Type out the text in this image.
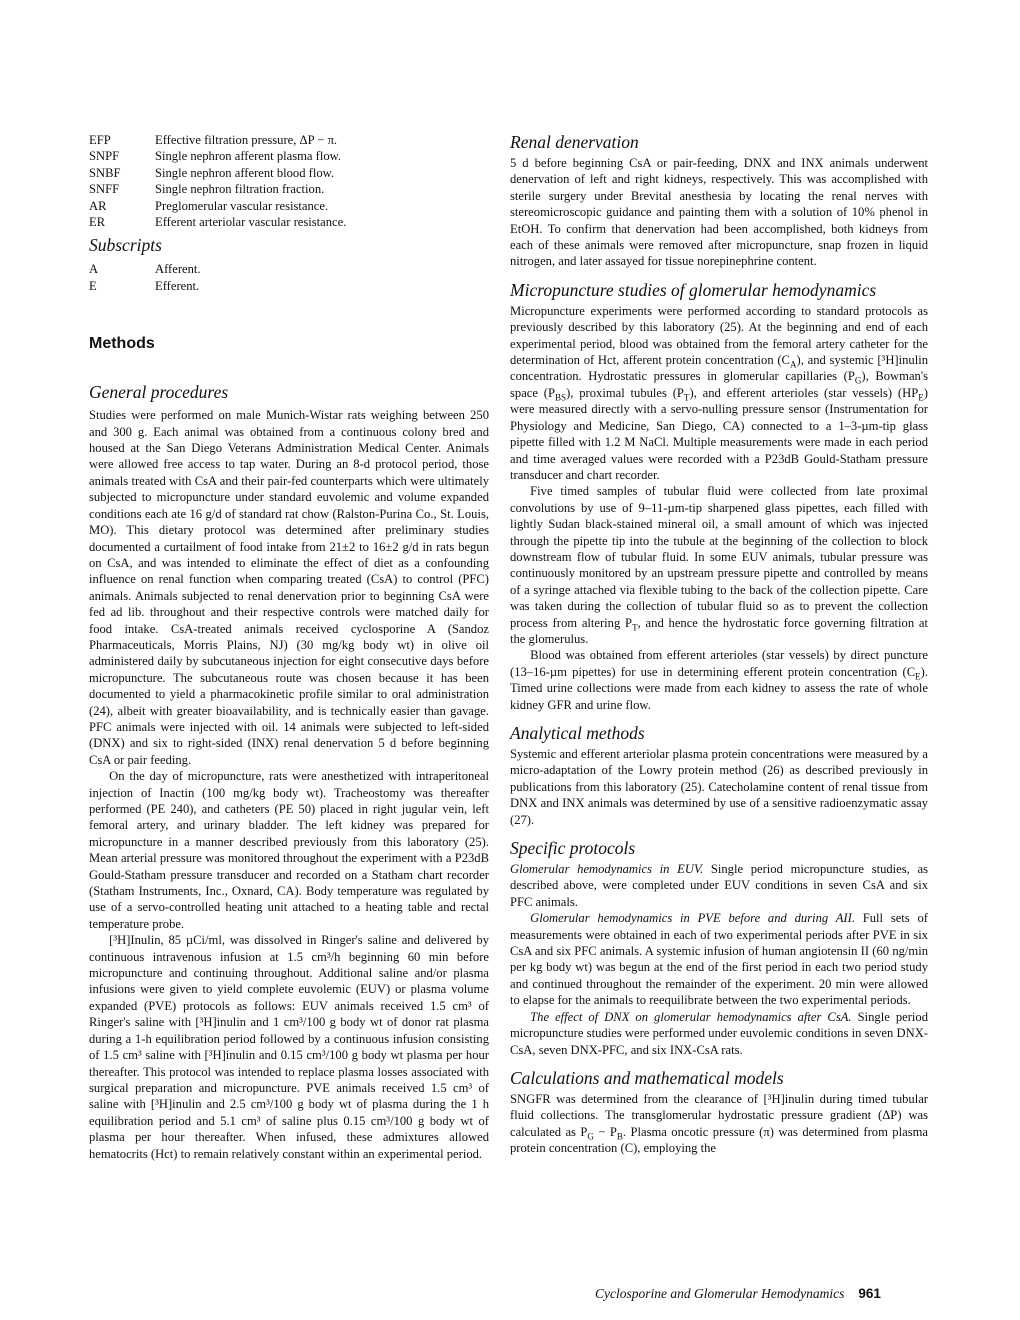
EFP	Effective filtration pressure, ΔP − π.
SNPF	Single nephron afferent plasma flow.
SNBF	Single nephron afferent blood flow.
SNFF	Single nephron filtration fraction.
AR	Preglomerular vascular resistance.
ER	Efferent arteriolar vascular resistance.
Subscripts
A	Afferent.
E	Efferent.
Methods
General procedures

Studies were performed on male Munich-Wistar rats weighing between 250 and 300 g. Each animal was obtained from a continuous colony bred and housed at the San Diego Veterans Administration Medical Center. Animals were allowed free access to tap water. During an 8-d protocol period, those animals treated with CsA and their pair-fed counterparts which were ultimately subjected to micropuncture under standard euvolemic and volume expanded conditions each ate 16 g/d of standard rat chow (Ralston-Purina Co., St. Louis, MO). This dietary protocol was determined after preliminary studies documented a curtailment of food intake from 21±2 to 16±2 g/d in rats begun on CsA, and was intended to eliminate the effect of diet as a confounding influence on renal function when comparing treated (CsA) to control (PFC) animals. Animals subjected to renal denervation prior to beginning CsA were fed ad lib. throughout and their respective controls were matched daily for food intake. CsA-treated animals received cyclosporine A (Sandoz Pharmaceuticals, Morris Plains, NJ) (30 mg/kg body wt) in olive oil administered daily by subcutaneous injection for eight consecutive days before micropuncture. The subcutaneous route was chosen because it has been documented to yield a pharmacokinetic profile similar to oral administration (24), albeit with greater bioavailability, and is technically easier than gavage. PFC animals were injected with oil. 14 animals were subjected to left-sided (DNX) and six to right-sided (INX) renal denervation 5 d before beginning CsA or pair feeding.

On the day of micropuncture, rats were anesthetized with intraperitoneal injection of Inactin (100 mg/kg body wt). Tracheostomy was thereafter performed (PE 240), and catheters (PE 50) placed in right jugular vein, left femoral artery, and urinary bladder. The left kidney was prepared for micropuncture in a manner described previously from this laboratory (25). Mean arterial pressure was monitored throughout the experiment with a P23dB Gould-Statham pressure transducer and recorded on a Statham chart recorder (Statham Instruments, Inc., Oxnard, CA). Body temperature was regulated by use of a servo-controlled heating unit attached to a heating table and rectal temperature probe.

[³H]Inulin, 85 µCi/ml, was dissolved in Ringer's saline and delivered by continuous intravenous infusion at 1.5 cm³/h beginning 60 min before micropuncture and continuing throughout. Additional saline and/or plasma infusions were given to yield complete euvolemic (EUV) or plasma volume expanded (PVE) protocols as follows: EUV animals received 1.5 cm³ of Ringer's saline with [³H]inulin and 1 cm³/100 g body wt of donor rat plasma during a 1-h equilibration period followed by a continuous infusion consisting of 1.5 cm³ saline with [³H]inulin and 0.15 cm³/100 g body wt plasma per hour thereafter. This protocol was intended to replace plasma losses associated with surgical preparation and micropuncture. PVE animals received 1.5 cm³ of saline with [³H]inulin and 2.5 cm³/100 g body wt of plasma during the 1 h equilibration period and 5.1 cm³ of saline plus 0.15 cm³/100 g body wt of plasma per hour thereafter. When infused, these admixtures allowed hematocrits (Hct) to remain relatively constant within an experimental period.

Renal denervation

5 d before beginning CsA or pair-feeding, DNX and INX animals underwent denervation of left and right kidneys, respectively. This was accomplished with sterile surgery under Brevital anesthesia by locating the renal nerves with stereomicroscopic guidance and painting them with a solution of 10% phenol in EtOH. To confirm that denervation had been accomplished, both kidneys from each of these animals were removed after micropuncture, snap frozen in liquid nitrogen, and later assayed for tissue norepinephrine content.

Micropuncture studies of glomerular hemodynamics

Micropuncture experiments were performed according to standard protocols as previously described by this laboratory (25). At the beginning and end of each experimental period, blood was obtained from the femoral artery catheter for the determination of Hct, afferent protein concentration $(C_A)$, and systemic [³H]inulin concentration. Hydrostatic pressures in glomerular capillaries $(P_G)$, Bowman's space $(P_{BS})$, proximal tubules $(P_T)$, and efferent arterioles (star vessels) $(HP_E)$ were measured directly with a servo-nulling pressure sensor (Instrumentation for Physiology and Medicine, San Diego, CA) connected to a 1–3-µm-tip glass pipette filled with 1.2 M NaCl. Multiple measurements were made in each period and time averaged values were recorded with a P23dB Gould-Statham pressure transducer and chart recorder.

Five timed samples of tubular fluid were collected from late proximal convolutions by use of 9–11-µm-tip sharpened glass pipettes, each filled with lightly Sudan black-stained mineral oil, a small amount of which was injected through the pipette tip into the tubule at the beginning of the collection to block downstream flow of tubular fluid. In some EUV animals, tubular pressure was continuously monitored by an upstream pressure pipette and controlled by means of a syringe attached via flexible tubing to the back of the collection pipette. Care was taken during the collection of tubular fluid so as to prevent the collection process from altering $P_T$, and hence the hydrostatic force governing filtration at the glomerulus.

Blood was obtained from efferent arterioles (star vessels) by direct puncture (13–16-µm pipettes) for use in determining efferent protein concentration $(C_E)$. Timed urine collections were made from each kidney to assess the rate of whole kidney GFR and urine flow.

Analytical methods

Systemic and efferent arteriolar plasma protein concentrations were measured by a micro-adaptation of the Lowry protein method (26) as described previously in publications from this laboratory (25). Catecholamine content of renal tissue from DNX and INX animals was determined by use of a sensitive radioenzymatic assay (27).

Specific protocols

Glomerular hemodynamics in EUV. Single period micropuncture studies, as described above, were completed under EUV conditions in seven CsA and six PFC animals.

Glomerular hemodynamics in PVE before and during AII. Full sets of measurements were obtained in each of two experimental periods after PVE in six CsA and six PFC animals. A systemic infusion of human angiotensin II (60 ng/min per kg body wt) was begun at the end of the first period in each two period study and continued throughout the remainder of the experiment. 20 min were allowed to elapse for the animals to reequilibrate between the two experimental periods.

The effect of DNX on glomerular hemodynamics after CsA. Single period micropuncture studies were performed under euvolemic conditions in seven DNX-CsA, seven DNX-PFC, and six INX-CsA rats.

Calculations and mathematical models

SNGFR was determined from the clearance of [³H]inulin during timed tubular fluid collections. The transglomerular hydrostatic pressure gradient (ΔP) was calculated as $P_G - P_B$. Plasma oncotic pressure (π) was determined from plasma protein concentration (C), employing the

Cyclosporine and Glomerular Hemodynamics 961
